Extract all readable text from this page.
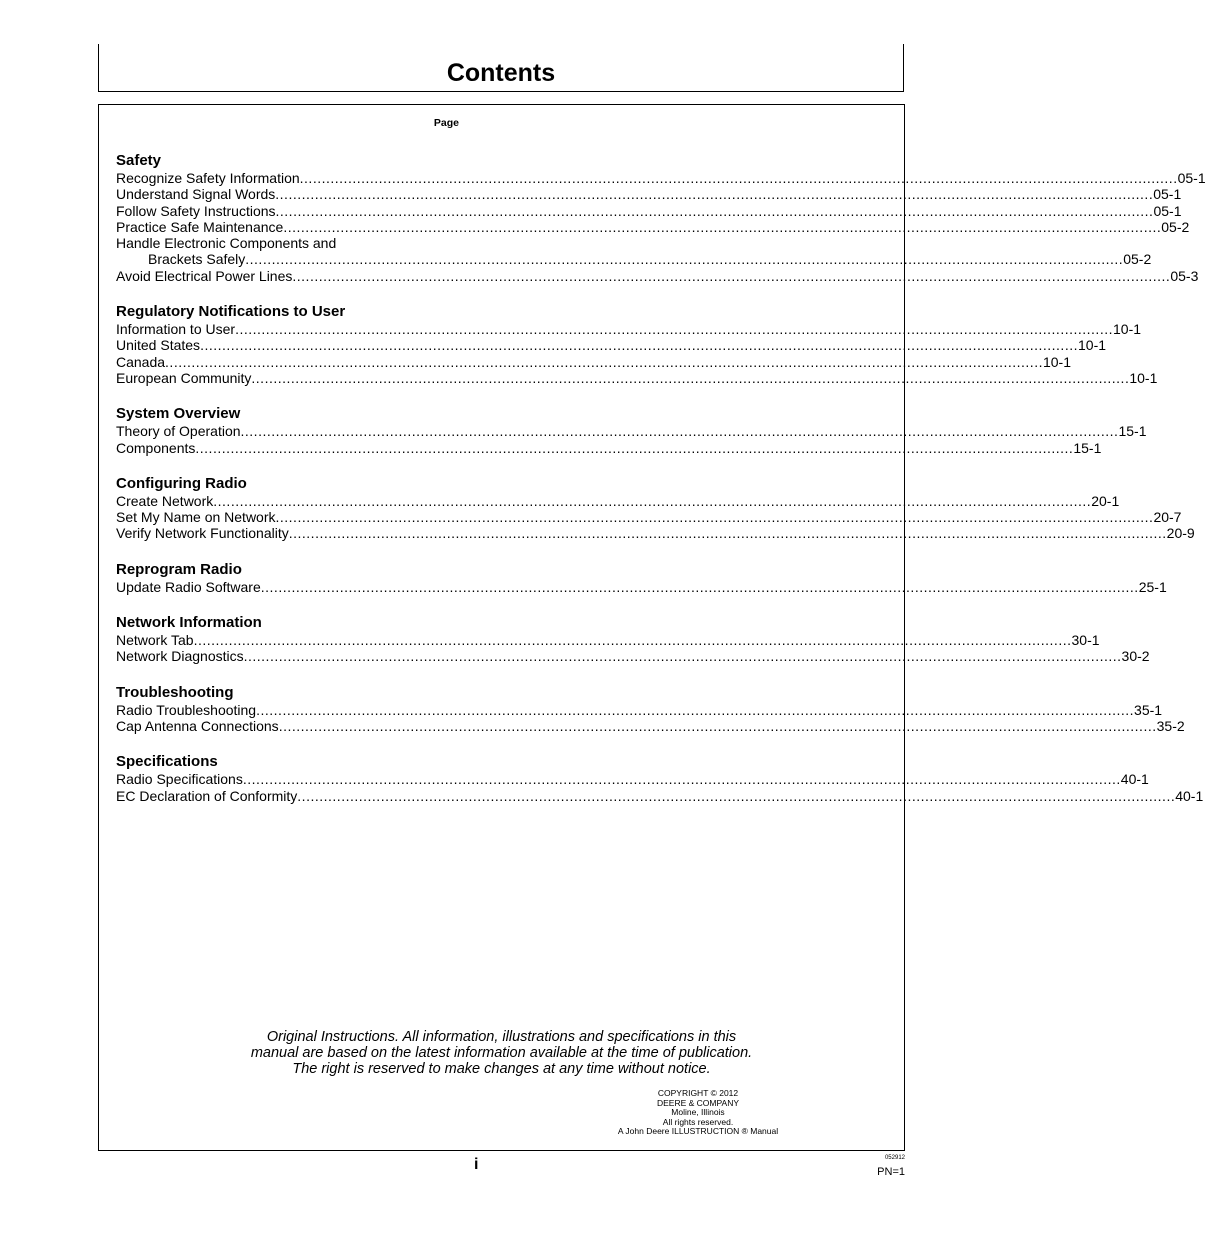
Contents
Page
Safety
Recognize Safety Information ........................................................................................................................................................................................................ 05-1
Understand Signal Words ........................................................................................................................................................................................................ 05-1
Follow Safety Instructions ........................................................................................................................................................................................................ 05-1
Practice Safe Maintenance ........................................................................................................................................................................................................ 05-2
Handle Electronic Components and
Brackets Safely ........................................................................................................................................................................................................ 05-2
Avoid Electrical Power Lines ........................................................................................................................................................................................................ 05-3
Regulatory Notifications to User
Information to User ........................................................................................................................................................................................................ 10-1
United States ........................................................................................................................................................................................................ 10-1
Canada ........................................................................................................................................................................................................ 10-1
European Community ........................................................................................................................................................................................................ 10-1
System Overview
Theory of Operation ........................................................................................................................................................................................................ 15-1
Components ........................................................................................................................................................................................................ 15-1
Configuring Radio
Create Network ........................................................................................................................................................................................................ 20-1
Set My Name on Network ........................................................................................................................................................................................................ 20-7
Verify Network Functionality ........................................................................................................................................................................................................ 20-9
Reprogram Radio
Update Radio Software ........................................................................................................................................................................................................ 25-1
Network Information
Network Tab ........................................................................................................................................................................................................ 30-1
Network Diagnostics ........................................................................................................................................................................................................ 30-2
Troubleshooting
Radio Troubleshooting ........................................................................................................................................................................................................ 35-1
Cap Antenna Connections ........................................................................................................................................................................................................ 35-2
Specifications
Radio Specifications ........................................................................................................................................................................................................ 40-1
EC Declaration of Conformity ........................................................................................................................................................................................................ 40-1
Original Instructions. All information, illustrations and specifications in this
manual are based on the latest information available at the time of publication.
The right is reserved to make changes at any time without notice.
COPYRIGHT © 2012
DEERE & COMPANY
Moline, Illinois
All rights reserved.
A John Deere ILLUSTRUCTION ® Manual
i	052912
PN=1
